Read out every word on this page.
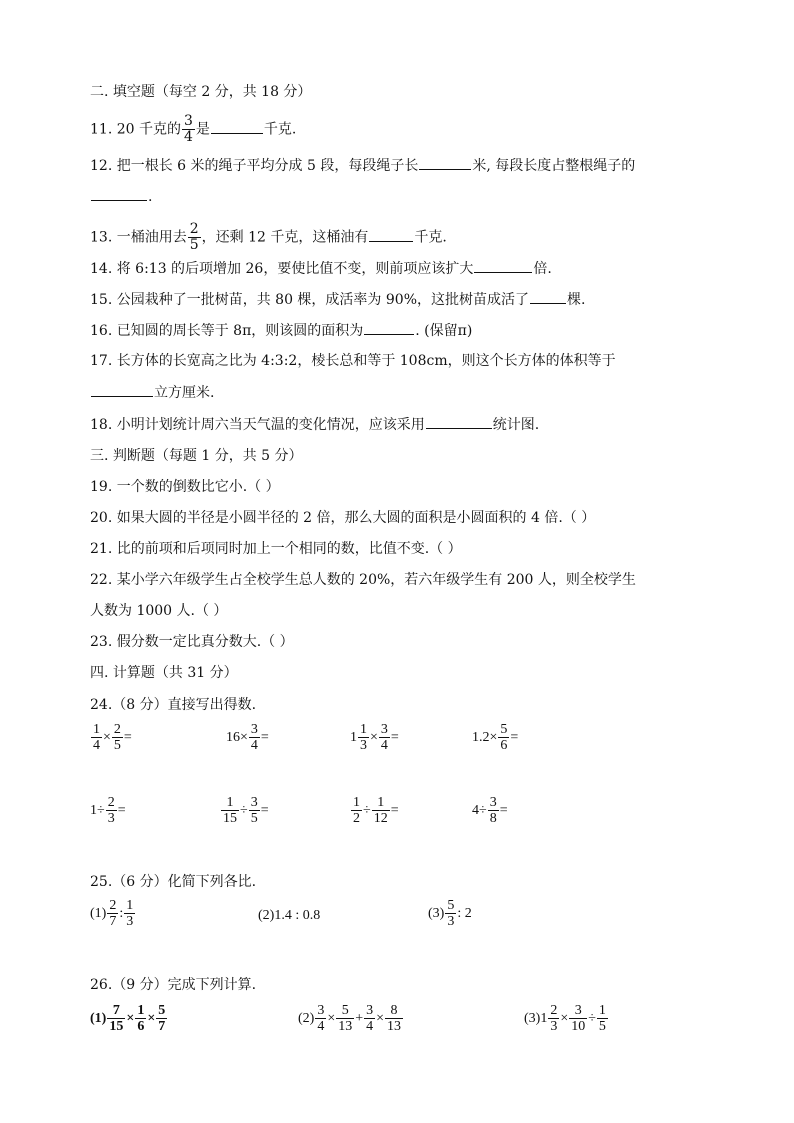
二. 填空题（每空 2 分，共 18 分）
11. 20 千克的 $\frac{3}{4}$ 是	千克.
12. 把一根长 6 米的绳子平均分成 5 段，每段绳子长	米, 每段长度占整根绳子的
.
13. 一桶油用去 $\frac{2}{5}$ ，还剩 12 千克，这桶油有	千克.
14. 将 6:13 的后项增加 26，要使比值不变，则前项应该扩大	倍.
15. 公园栽种了一批树苗，共 80 棵，成活率为 90%，这批树苗成活了	棵.
16. 已知圆的周长等于 8π，则该圆的面积为	. (保留π)
17. 长方体的长宽高之比为 4:3:2，棱长总和等于 108cm，则这个长方体的体积等于
立方厘米.
18. 小明计划统计周六当天气温的变化情况，应该采用	统计图.
三. 判断题（每题 1 分，共 5 分）
19. 一个数的倒数比它小.（ ）
20. 如果大圆的半径是小圆半径的 2 倍，那么大圆的面积是小圆面积的 4 倍.（ ）
21. 比的前项和后项同时加上一个相同的数，比值不变.（ ）
22. 某小学六年级学生占全校学生总人数的 20%，若六年级学生有 200 人，则全校学生
人数为 1000 人.（ ）
23. 假分数一定比真分数大.（ ）
四. 计算题（共 31 分）
24.（8 分）直接写出得数.
$\frac{1}{4} \times \frac{2}{5}$ =	$16\times \frac{3}{4}$ =	$1 \frac{1}{3} \times \frac{3}{4}$ =	$1.2\times \frac{5}{6}$ =
$1\div \frac{2}{3}$ =	$\frac{1}{15} \div \frac{3}{5}$ =	$\frac{1}{2} \div \frac{1}{12}$ =	$4\div \frac{3}{8}$ =
25.（6 分）化简下列各比.
$(1) \frac{2}{7}$ : $\frac{1}{3}$	(2)1.4 : 0.8	$(3) \frac{5}{3}$ : 2
26.（9 分）完成下列计算.
$(1) \frac{7}{15} \times \frac{1}{6} \times \frac{5}{7}$	$(2) \frac{3}{4} \times \frac{5}{13} + \frac{3}{4} \times \frac{8}{13}$	$(3)1 \frac{2}{3} \times \frac{3}{10} \div \frac{1}{5}$
